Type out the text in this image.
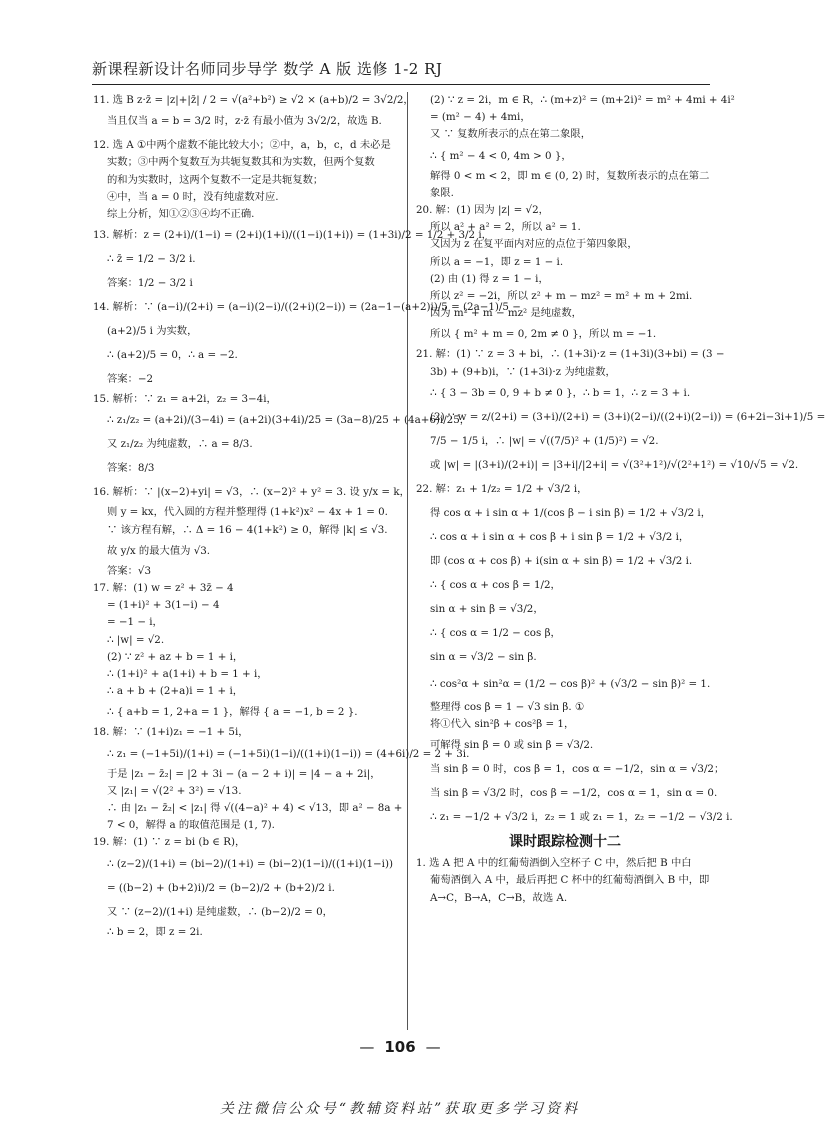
新课程新设计名师同步导学 数学 A 版 选修 1-2 RJ
11. 选 B z·z̄ = |z|+|z̄| / 2 = √(a²+b²) ≥ √2 × (a+b)/2 = 3√2/2，
当且仅当 a = b = 3/2 时，z·z̄ 有最小值为 3√2/2，故选 B.
12. 选 A ①中两个虚数不能比较大小；②中，a，b，c，d 未必是
实数；③中两个复数互为共轭复数其和为实数，但两个复数
的和为实数时，这两个复数不一定是共轭复数；
④中，当 a = 0 时，没有纯虚数对应.
综上分析，知①②③④均不正确.
13. 解析：z = (2+i)/(1−i) = (2+i)(1+i)/((1−i)(1+i)) = (1+3i)/2 = 1/2 + 3/2 i，
∴ z̄ = 1/2 − 3/2 i.
答案：1/2 − 3/2 i
14. 解析：∵ (a−i)/(2+i) = (a−i)(2−i)/((2+i)(2−i)) = (2a−1−(a+2)i)/5 = (2a−1)/5 −
(a+2)/5 i 为实数，
∴ (a+2)/5 = 0，∴ a = −2.
答案：−2
15. 解析：∵ z₁ = a+2i，z₂ = 3−4i，
∴ z₁/z₂ = (a+2i)/(3−4i) = (a+2i)(3+4i)/25 = (3a−8)/25 + (4a+6)i/25，
又 z₁/z₂ 为纯虚数，∴ a = 8/3.
答案：8/3
16. 解析：∵ |(x−2)+yi| = √3，∴ (x−2)² + y² = 3. 设 y/x = k，
则 y = kx，代入圆的方程并整理得 (1+k²)x² − 4x + 1 = 0.
∵ 该方程有解，∴ Δ = 16 − 4(1+k²) ≥ 0，解得 |k| ≤ √3.
故 y/x 的最大值为 √3.
答案：√3
17. 解：(1) w = z² + 3z̄ − 4
= (1+i)² + 3(1−i) − 4
= −1 − i，
∴ |w| = √2.
(2) ∵ z² + az + b = 1 + i，
∴ (1+i)² + a(1+i) + b = 1 + i，
∴ a + b + (2+a)i = 1 + i，
∴ { a+b = 1, 2+a = 1 }，解得 { a = −1, b = 2 }.
18. 解：∵ (1+i)z₁ = −1 + 5i，
∴ z₁ = (−1+5i)/(1+i) = (−1+5i)(1−i)/((1+i)(1−i)) = (4+6i)/2 = 2 + 3i.
于是 |z₁ − z̄₂| = |2 + 3i − (a − 2 + i)| = |4 − a + 2i|，
又 |z₁| = √(2² + 3²) = √13.
∴ 由 |z₁ − z̄₂| < |z₁| 得 √((4−a)² + 4) < √13，即 a² − 8a +
7 < 0，解得 a 的取值范围是 (1, 7).
19. 解：(1) ∵ z = bi (b ∈ R)，
∴ (z−2)/(1+i) = (bi−2)/(1+i) = (bi−2)(1−i)/((1+i)(1−i))
= ((b−2) + (b+2)i)/2 = (b−2)/2 + (b+2)/2 i.
又 ∵ (z−2)/(1+i) 是纯虚数，∴ (b−2)/2 = 0，
∴ b = 2，即 z = 2i.
(2) ∵ z = 2i，m ∈ R，∴ (m+z)² = (m+2i)² = m² + 4mi + 4i²
= (m² − 4) + 4mi，
又 ∵ 复数所表示的点在第二象限，
∴ { m² − 4 < 0, 4m > 0 }，
解得 0 < m < 2，即 m ∈ (0, 2) 时，复数所表示的点在第二
象限.
20. 解：(1) 因为 |z| = √2，
所以 a² + a² = 2，所以 a² = 1.
又因为 z 在复平面内对应的点位于第四象限，
所以 a = −1，即 z = 1 − i.
(2) 由 (1) 得 z = 1 − i，
所以 z² = −2i，所以 z² + m − mz² = m² + m + 2mi.
因为 m² + m − mz² 是纯虚数，
所以 { m² + m = 0, 2m ≠ 0 }，所以 m = −1.
21. 解：(1) ∵ z = 3 + bi，∴ (1+3i)·z = (1+3i)(3+bi) = (3 −
3b) + (9+b)i，∵ (1+3i)·z 为纯虚数，
∴ { 3 − 3b = 0, 9 + b ≠ 0 }，∴ b = 1，∴ z = 3 + i.
(2) ∵ w = z/(2+i) = (3+i)/(2+i) = (3+i)(2−i)/((2+i)(2−i)) = (6+2i−3i+1)/5 =
7/5 − 1/5 i，∴ |w| = √((7/5)² + (1/5)²) = √2.
或 |w| = |(3+i)/(2+i)| = |3+i|/|2+i| = √(3²+1²)/√(2²+1²) = √10/√5 = √2.
22. 解：z₁ + 1/z₂ = 1/2 + √3/2 i，
得 cos α + i sin α + 1/(cos β − i sin β) = 1/2 + √3/2 i，
∴ cos α + i sin α + cos β + i sin β = 1/2 + √3/2 i，
即 (cos α + cos β) + i(sin α + sin β) = 1/2 + √3/2 i.
∴ { cos α + cos β = 1/2，
sin α + sin β = √3/2，
∴ { cos α = 1/2 − cos β，
sin α = √3/2 − sin β.
∴ cos²α + sin²α = (1/2 − cos β)² + (√3/2 − sin β)² = 1.
整理得 cos β = 1 − √3 sin β. ①
将①代入 sin²β + cos²β = 1，
可解得 sin β = 0 或 sin β = √3/2.
当 sin β = 0 时，cos β = 1，cos α = −1/2，sin α = √3/2；
当 sin β = √3/2 时，cos β = −1/2，cos α = 1，sin α = 0.
∴ z₁ = −1/2 + √3/2 i，z₂ = 1 或 z₁ = 1，z₂ = −1/2 − √3/2 i.
课时跟踪检测十二
1. 选 A 把 A 中的红葡萄酒倒入空杯子 C 中，然后把 B 中白
葡萄酒倒入 A 中，最后再把 C 杯中的红葡萄酒倒入 B 中，即
A→C，B→A，C→B，故选 A.
— 106 —
关注微信公众号“教辅资料站”获取更多学习资料
